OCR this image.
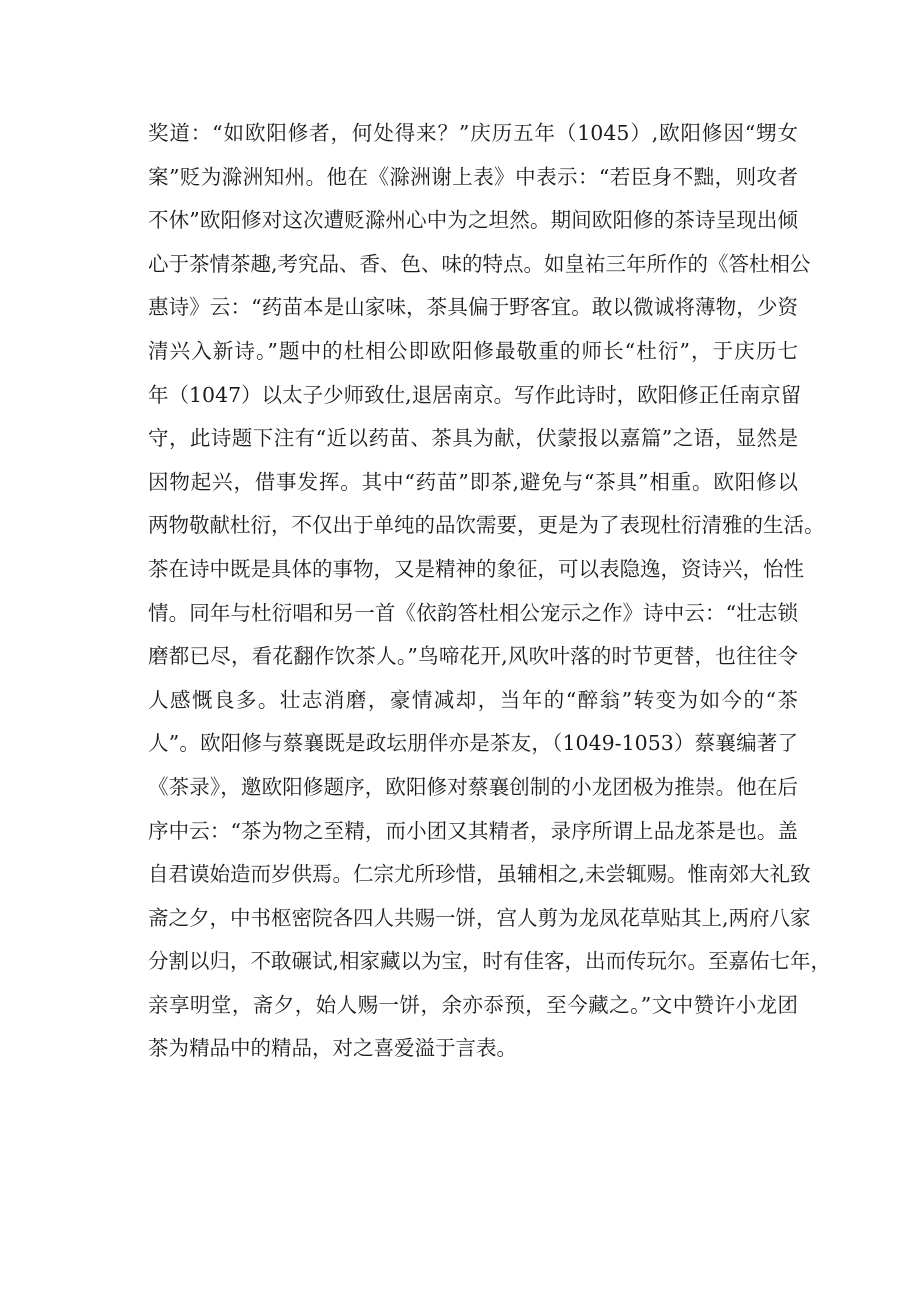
奖道：“如欧阳修者，何处得来？”庆历五年（1045）,欧阳修因“甥女
案”贬为滁洲知州。他在《滁洲谢上表》中表示：“若臣身不黜，则攻者
不休”欧阳修对这次遭贬滁州心中为之坦然。期间欧阳修的茶诗呈现出倾
心于茶情茶趣,考究品、香、色、味的特点。如皇祐三年所作的《答杜相公
惠诗》云：“药苗本是山家味，茶具偏于野客宜。敢以微诚将薄物，少资
清兴入新诗。”题中的杜相公即欧阳修最敬重的师长“杜衍”，于庆历七
年（1047）以太子少师致仕,退居南京。写作此诗时，欧阳修正任南京留
守，此诗题下注有“近以药苗、茶具为献，伏蒙报以嘉篇”之语，显然是
因物起兴，借事发挥。其中“药苗”即茶,避免与“茶具”相重。欧阳修以
两物敬献杜衍，不仅出于单纯的品饮需要，更是为了表现杜衍清雅的生活。
茶在诗中既是具体的事物，又是精神的象征，可以表隐逸，资诗兴，怡性
情。同年与杜衍唱和另一首《依韵答杜相公宠示之作》诗中云：“壮志锁
磨都已尽，看花翻作饮茶人。”鸟啼花开,风吹叶落的时节更替，也往往令
人感慨良多。壮志消磨，豪情减却，当年的“醉翁”转变为如今的“茶
人”。欧阳修与蔡襄既是政坛朋伴亦是茶友，（1049-1053）蔡襄编著了
《茶录》，邀欧阳修题序，欧阳修对蔡襄创制的小龙团极为推崇。他在后
序中云：“茶为物之至精，而小团又其精者，录序所谓上品龙茶是也。盖
自君谟始造而岁供焉。仁宗尤所珍惜，虽辅相之,未尝辄赐。惟南郊大礼致
斋之夕，中书枢密院各四人共赐一饼，宫人剪为龙凤花草贴其上,两府八家
分割以归，不敢碾试,相家藏以为宝，时有佳客，出而传玩尔。至嘉佑七年，
亲享明堂，斋夕，始人赐一饼，余亦忝预，至今藏之。”文中赞许小龙团
茶为精品中的精品，对之喜爱溢于言表。
